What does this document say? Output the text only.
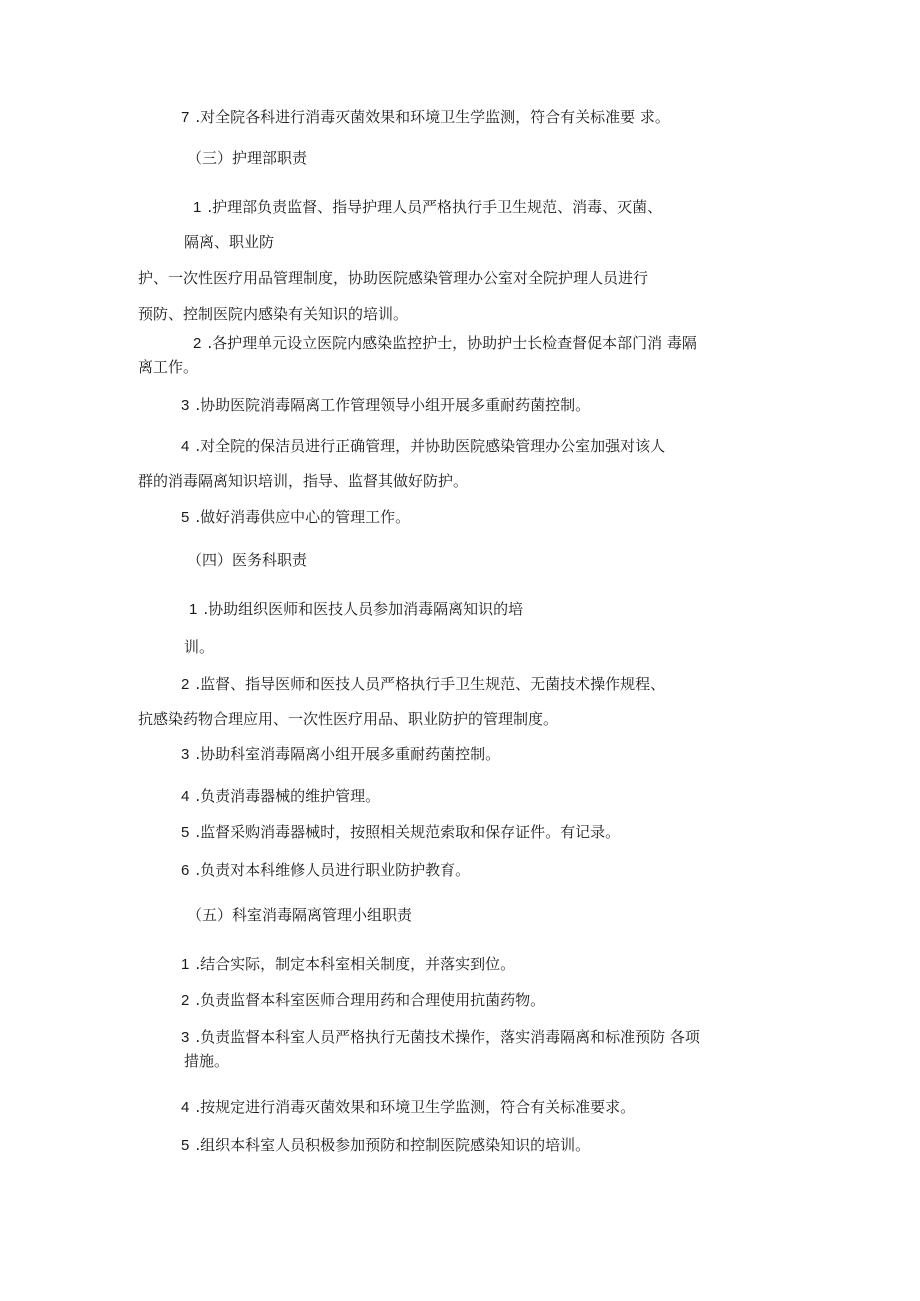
7 .对全院各科进行消毒灭菌效果和环境卫生学监测，符合有关标准要 求。

（三）护理部职责

1 .护理部负责监督、指导护理人员严格执行手卫生规范、消毒、灭菌、

隔离、职业防

护、一次性医疗用品管理制度，协助医院感染管理办公室对全院护理人员进行

预防、控制医院内感染有关知识的培训。

2 .各护理单元设立医院内感染监控护士，协助护士长检查督促本部门消 毒隔

离工作。

3 .协助医院消毒隔离工作管理领导小组开展多重耐药菌控制。

4 .对全院的保洁员进行正确管理，并协助医院感染管理办公室加强对该人

群的消毒隔离知识培训，指导、监督其做好防护。

5 .做好消毒供应中心的管理工作。

（四）医务科职责

1 .协助组织医师和医技人员参加消毒隔离知识的培

训。

2 .监督、指导医师和医技人员严格执行手卫生规范、无菌技术操作规程、

抗感染药物合理应用、一次性医疗用品、职业防护的管理制度。

3 .协助科室消毒隔离小组开展多重耐药菌控制。

4 .负责消毒器械的维护管理。

5 .监督采购消毒器械时，按照相关规范索取和保存证件。有记录。

6 .负责对本科维修人员进行职业防护教育。

（五）科室消毒隔离管理小组职责

1 .结合实际，制定本科室相关制度，并落实到位。

2 .负责监督本科室医师合理用药和合理使用抗菌药物。

3 .负责监督本科室人员严格执行无菌技术操作，落实消毒隔离和标准预防 各项

措施。

4 .按规定进行消毒灭菌效果和环境卫生学监测，符合有关标准要求。

5 .组织本科室人员积极参加预防和控制医院感染知识的培训。
